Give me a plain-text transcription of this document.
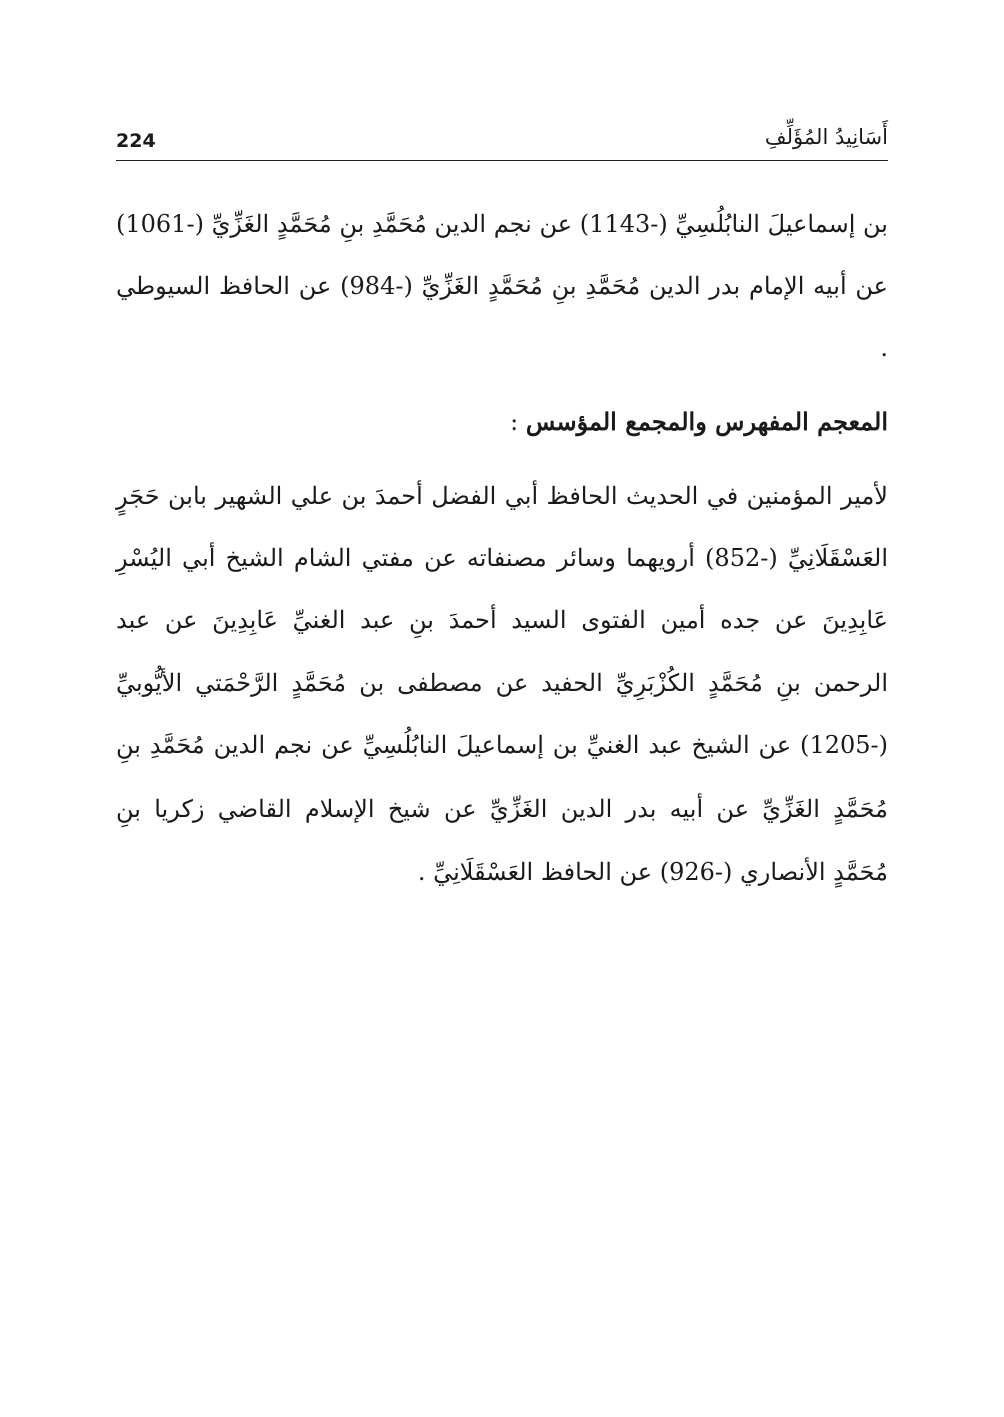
224	أَسَانِيدُ المُؤَلِّفِ
بن إسماعيلَ النابُلُسِيِّ (-1143) عن نجم الدين مُحَمَّدِ بنِ مُحَمَّدٍ الغَزِّيِّ (-1061)
عن أبيه الإمام بدر الدين مُحَمَّدِ بنِ مُحَمَّدٍ الغَزِّيِّ (-984) عن الحافظ السيوطي
.
المعجم المفهرس والمجمع المؤسس :
لأمير المؤمنين في الحديث الحافظ أبي الفضل أحمدَ بن علي الشهير بابن حَجَرٍ
العَسْقَلَانِيِّ (-852) أرويهما وسائر مصنفاته عن مفتي الشام الشيخ أبي اليُسْرِ
عَابِدِينَ عن جده أمين الفتوى السيد أحمدَ بنِ عبد الغنيِّ عَابِدِينَ عن عبد
الرحمن بنِ مُحَمَّدٍ الكُزْبَرِيِّ الحفيد عن مصطفى بن مُحَمَّدٍ الرَّحْمَتي الأيُّوبيِّ
(-1205) عن الشيخ عبد الغنيِّ بن إسماعيلَ النابُلُسِيِّ عن نجم الدين مُحَمَّدِ بنِ
مُحَمَّدٍ الغَزِّيِّ عن أبيه بدر الدين الغَزِّيِّ عن شيخ الإسلام القاضي زكريا بنِ
مُحَمَّدٍ الأنصاري (-926) عن الحافظ العَسْقَلَانِيِّ .
